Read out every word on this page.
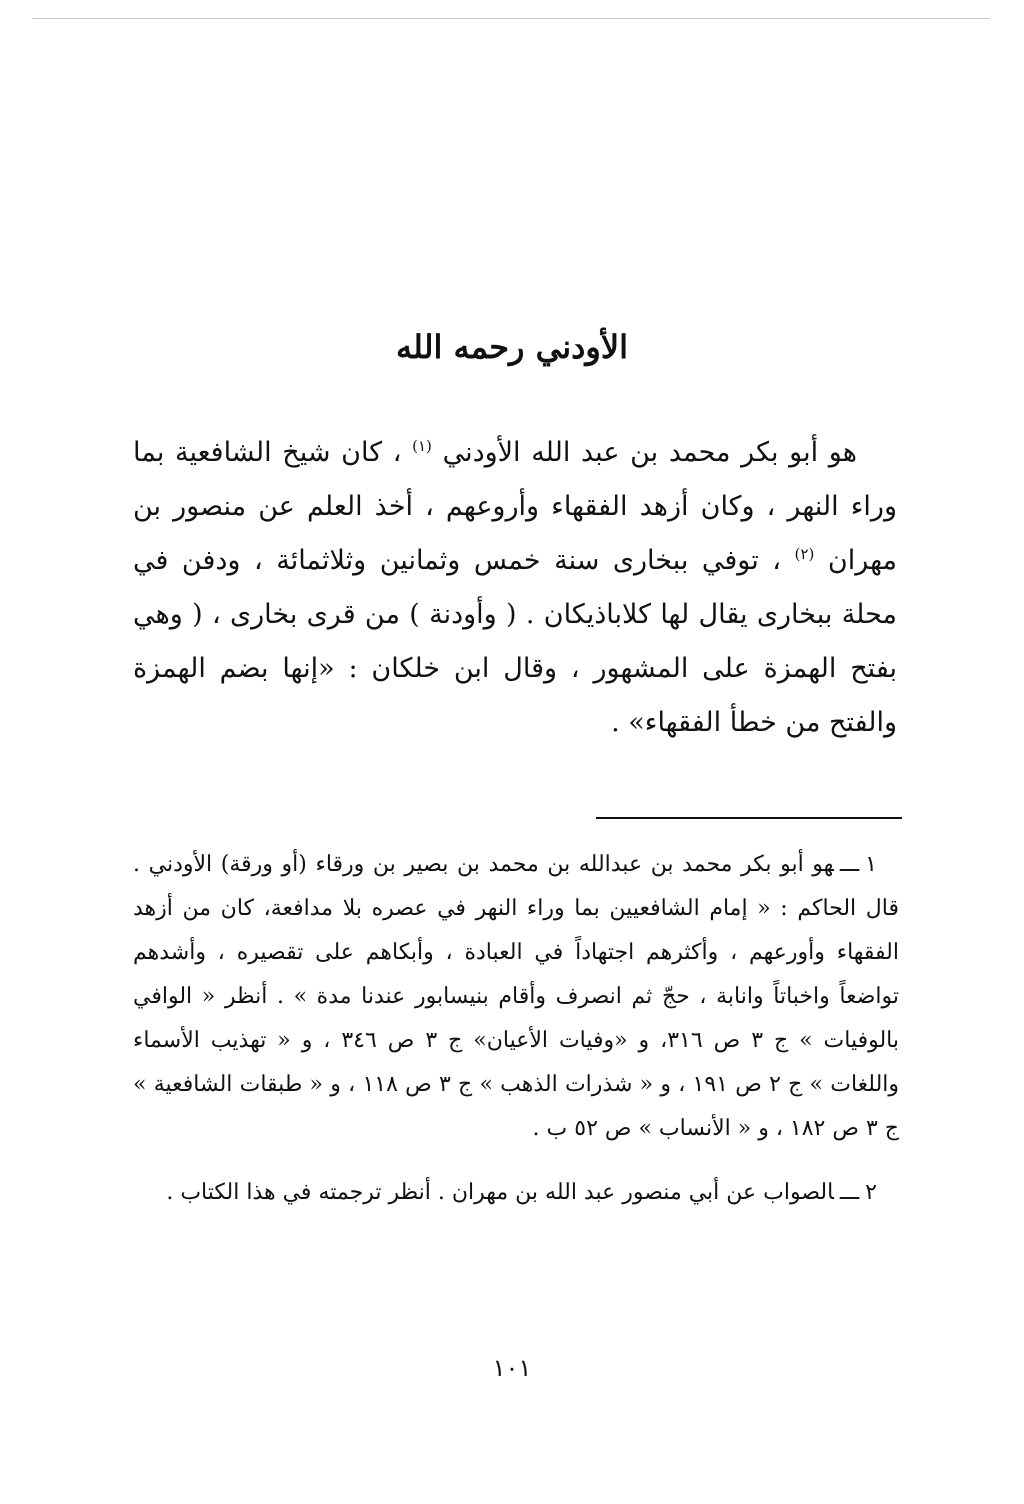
الأودني رحمه الله

هو أبو بكر محمد بن عبد الله الأودني $^{(١)}$ ، كان شيخ الشافعية بما وراء النهر ، وكان أزهد الفقهاء وأروعهم ، أخذ العلم عن منصور بن مهران $^{(٢)}$ ، توفي ببخارى سنة خمس وثمانين وثلاثمائة ، ودفن في محلة ببخارى يقال لها كلاباذيكان . ( وأودنة ) من قرى بخارى ، ( وهي بفتح الهمزة على المشهور ، وقال ابن خلكان : «إنها بضم الهمزة والفتح من خطأ الفقهاء» .

١ـــهو أبو بكر محمد بن عبدالله بن محمد بن بصير بن ورقاء (أو ورقة) الأودني . قال الحاكم : « إمام الشافعيين بما وراء النهر في عصره بلا مدافعة، كان من أزهد الفقهاء وأورعهم ، وأكثرهم اجتهاداً في العبادة ، وأبكاهم على تقصيره ، وأشدهم تواضعاً واخباتاً وانابة ، حجّ ثم انصرف وأقام بنيسابور عندنا مدة » . أنظر « الوافي بالوفيات » ج ٣ ص ٣١٦، و «وفيات الأعيان» ج ٣ ص ٣٤٦ ، و « تهذيب الأسماء واللغات » ج ٢ ص ١٩١ ، و « شذرات الذهب » ج ٣ ص ١١٨ ، و « طبقات الشافعية » ج ٣ ص ١٨٢ ، و « الأنساب » ص ٥٢ ب .

٢ـــالصواب عن أبي منصور عبد الله بن مهران . أنظر ترجمته في هذا الكتاب .

١٠١
